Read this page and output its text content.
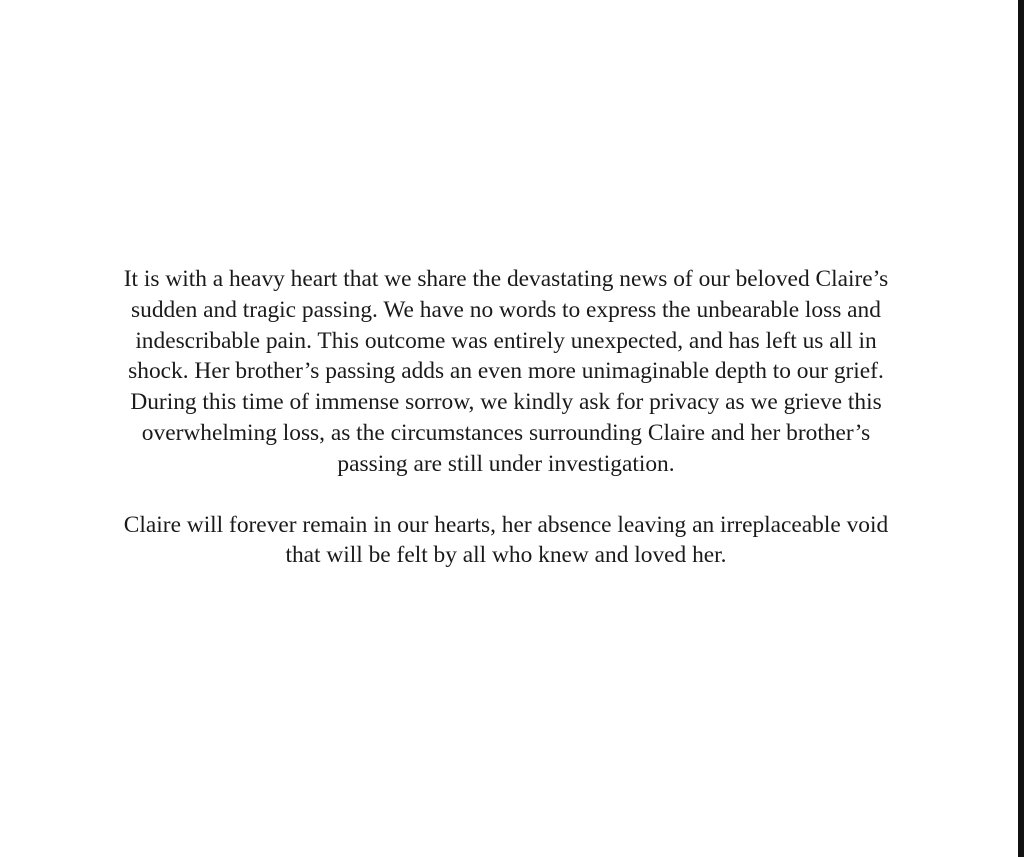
It is with a heavy heart that we share the devastating news of our beloved Claire’s
sudden and tragic passing. We have no words to express the unbearable loss and
indescribable pain. This outcome was entirely unexpected, and has left us all in
shock. Her brother’s passing adds an even more unimaginable depth to our grief.
During this time of immense sorrow, we kindly ask for privacy as we grieve this
overwhelming loss, as the circumstances surrounding Claire and her brother’s
passing are still under investigation.

Claire will forever remain in our hearts, her absence leaving an irreplaceable void
that will be felt by all who knew and loved her.
